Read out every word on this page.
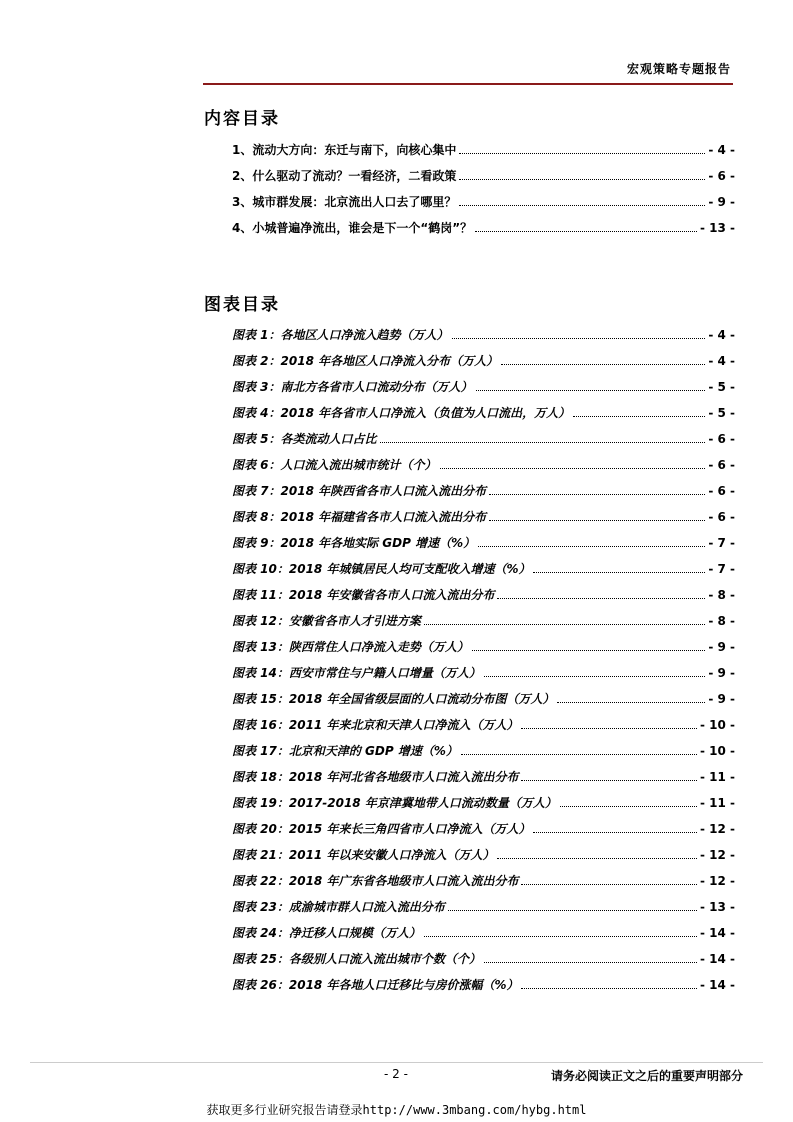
宏观策略专题报告
内容目录
1、流动大方向：东迁与南下，向核心集中	- 4 -
2、什么驱动了流动？一看经济，二看政策	- 6 -
3、城市群发展：北京流出人口去了哪里？	- 9 -
4、小城普遍净流出，谁会是下一个“鹤岗”？	- 13 -
图表目录
图表 1：各地区人口净流入趋势（万人）	- 4 -
图表 2：2018 年各地区人口净流入分布（万人）	- 4 -
图表 3：南北方各省市人口流动分布（万人）	- 5 -
图表 4：2018 年各省市人口净流入（负值为人口流出，万人）	- 5 -
图表 5：各类流动人口占比	- 6 -
图表 6：人口流入流出城市统计（个）	- 6 -
图表 7：2018 年陕西省各市人口流入流出分布	- 6 -
图表 8：2018 年福建省各市人口流入流出分布	- 6 -
图表 9：2018 年各地实际 GDP 增速（%）	- 7 -
图表 10：2018 年城镇居民人均可支配收入增速（%）	- 7 -
图表 11：2018 年安徽省各市人口流入流出分布	- 8 -
图表 12：安徽省各市人才引进方案	- 8 -
图表 13：陕西常住人口净流入走势（万人）	- 9 -
图表 14：西安市常住与户籍人口增量（万人）	- 9 -
图表 15：2018 年全国省级层面的人口流动分布图（万人）	- 9 -
图表 16：2011 年来北京和天津人口净流入（万人）	- 10 -
图表 17：北京和天津的 GDP 增速（%）	- 10 -
图表 18：2018 年河北省各地级市人口流入流出分布	- 11 -
图表 19：2017-2018 年京津冀地带人口流动数量（万人）	- 11 -
图表 20：2015 年来长三角四省市人口净流入（万人）	- 12 -
图表 21：2011 年以来安徽人口净流入（万人）	- 12 -
图表 22：2018 年广东省各地级市人口流入流出分布	- 12 -
图表 23：成渝城市群人口流入流出分布	- 13 -
图表 24：净迁移人口规模（万人）	- 14 -
图表 25：各级别人口流入流出城市个数（个）	- 14 -
图表 26：2018 年各地人口迁移比与房价涨幅（%）	- 14 -
- 2 -	请务必阅读正文之后的重要声明部分
获取更多行业研究报告请登录http://www.3mbang.com/hybg.html
